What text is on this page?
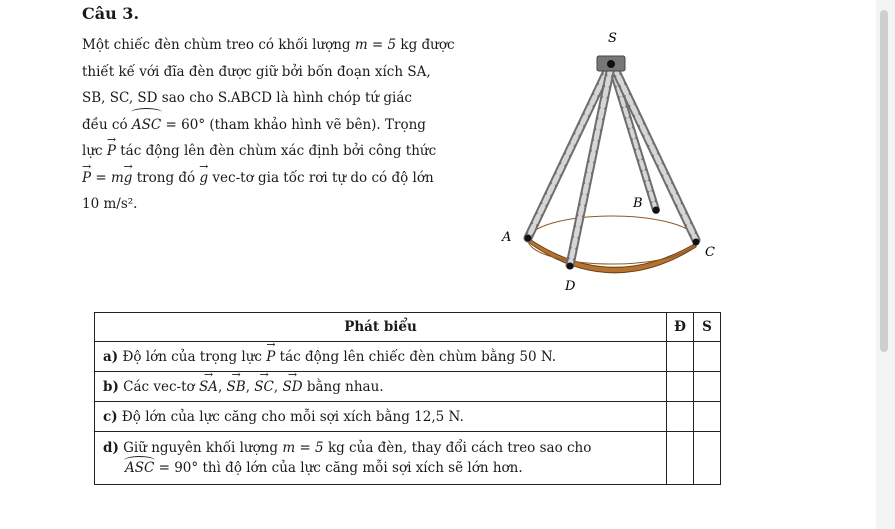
Câu 3.
Một chiếc đèn chùm treo có khối lượng m = 5 kg được
thiết kế với đĩa đèn được giữ bởi bốn đoạn xích SA,
SB, SC, SD sao cho S.ABCD là hình chóp tứ giác
đều có ASC = 60° (tham khảo hình vẽ bên). Trọng
lực → P tác động lên đèn chùm xác định bởi công thức
→ P = m→ g trong đó → g vec-tơ gia tốc rơi tự do có độ lớn
10 m/s².
S
A
B
C
D
Phát biểu	Đ	S
a) Độ lớn của trọng lực → P tác động lên chiếc đèn chùm bằng 50 N.		
b) Các vec-tơ → SA, → SB, → SC, → SD bằng nhau.		
c) Độ lớn của lực căng cho mỗi sợi xích bằng 12,5 N.		

d) Giữ nguyên khối lượng m = 5 kg của đèn, thay đổi cách treo sao cho
ASC = 90° thì độ lớn của lực căng mỗi sợi xích sẽ lớn hơn.		
